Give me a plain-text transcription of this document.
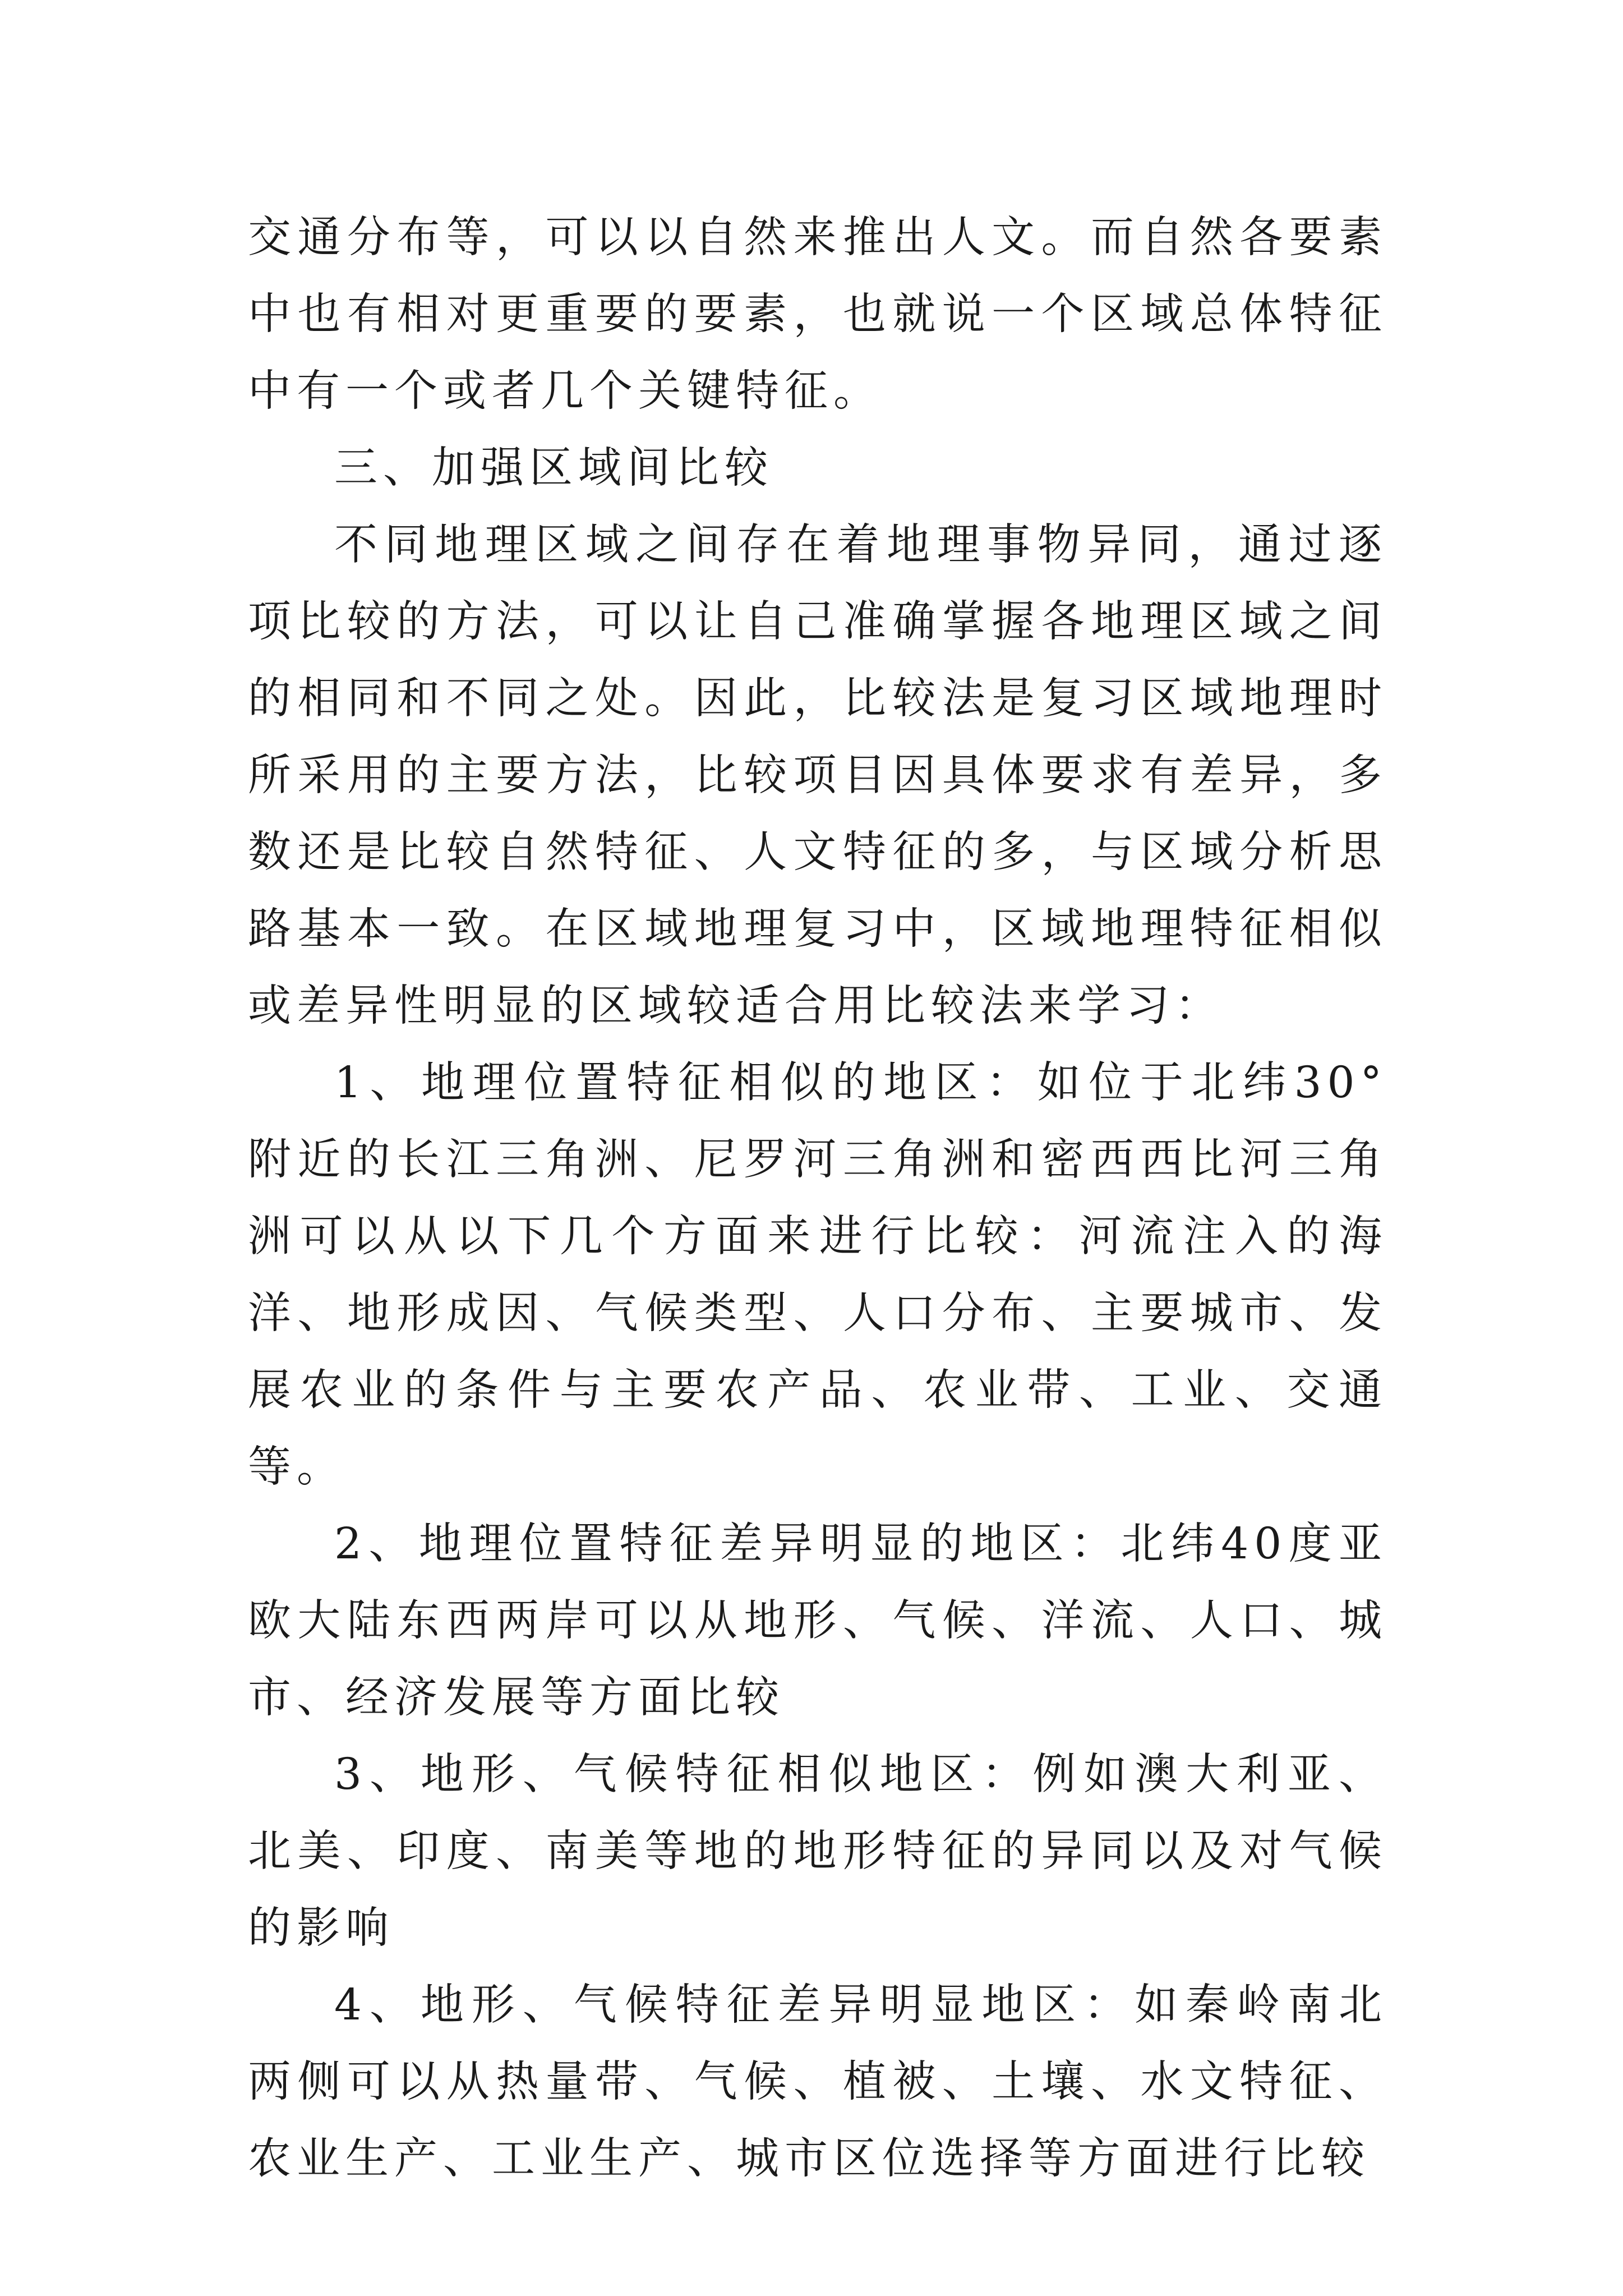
交通分布等，可以以自然来推出人文。而自然各要素中也有相对更重要的要素，也就说一个区域总体特征中有一个或者几个关键特征。

三、加强区域间比较

不同地理区域之间存在着地理事物异同，通过逐项比较的方法，可以让自己准确掌握各地理区域之间的相同和不同之处。因此，比较法是复习区域地理时所采用的主要方法，比较项目因具体要求有差异，多数还是比较自然特征、人文特征的多，与区域分析思路基本一致。在区域地理复习中，区域地理特征相似或差异性明显的区域较适合用比较法来学习：

1、地理位置特征相似的地区：如位于北纬30°附近的长江三角洲、尼罗河三角洲和密西西比河三角洲可以从以下几个方面来进行比较：河流注入的海洋、地形成因、气候类型、人口分布、主要城市、发展农业的条件与主要农产品、农业带、工业、交通等。

2、地理位置特征差异明显的地区：北纬40度亚欧大陆东西两岸可以从地形、气候、洋流、人口、城市、经济发展等方面比较

3、地形、气候特征相似地区：例如澳大利亚、北美、印度、南美等地的地形特征的异同以及对气候的影响

4、地形、气候特征差异明显地区：如秦岭南北两侧可以从热量带、气候、植被、土壤、水文特征、农业生产、工业生产、城市区位选择等方面进行比较
